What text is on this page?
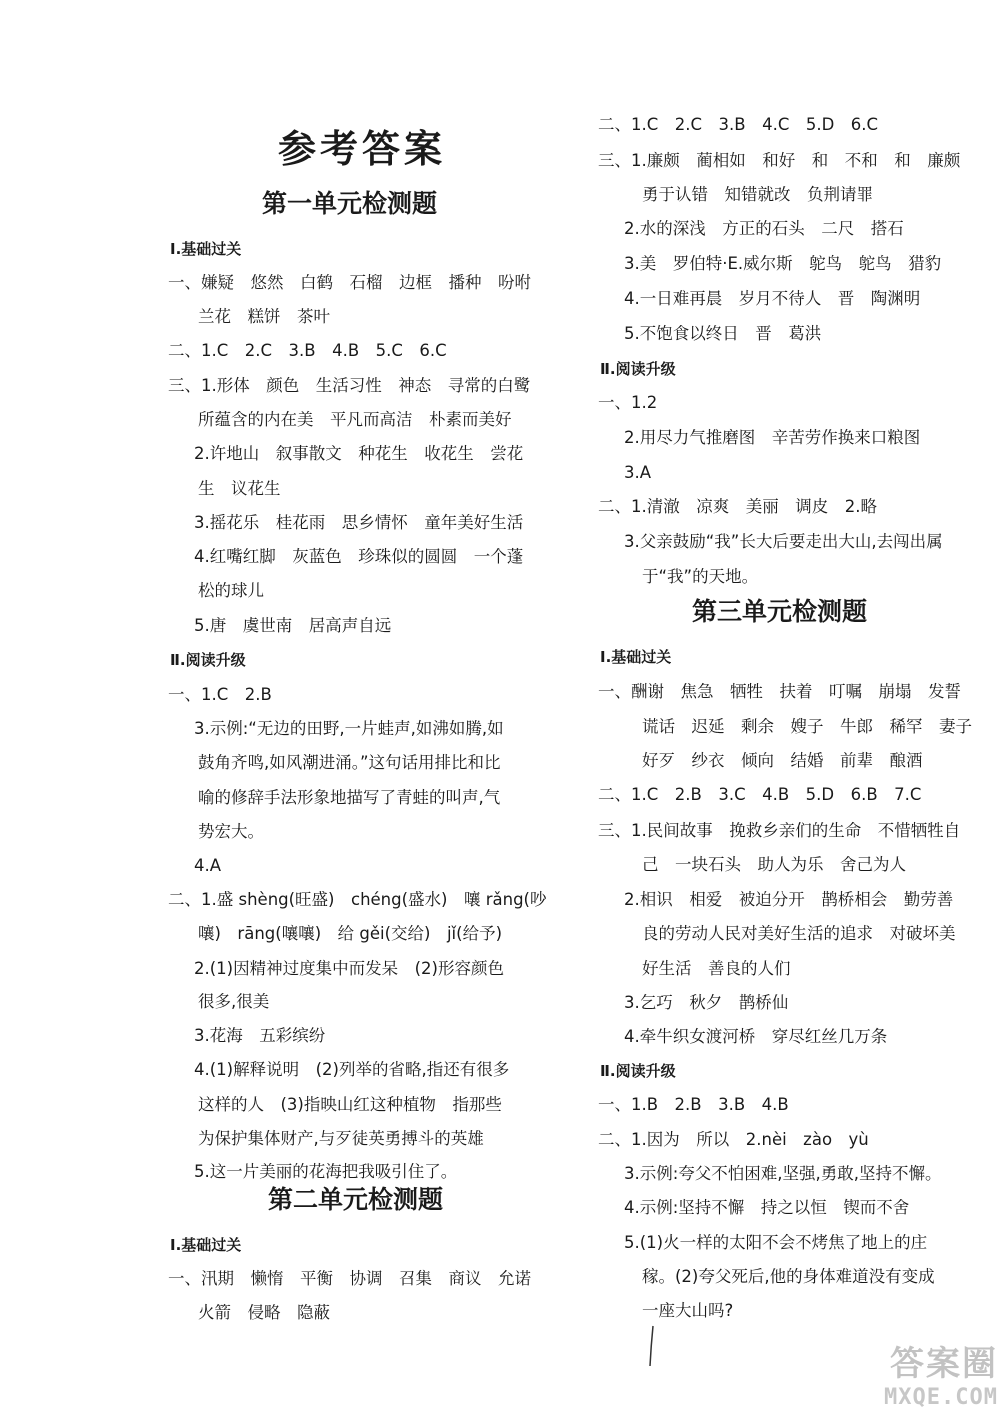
参考答案
第一单元检测题
第二单元检测题
第三单元检测题
Ⅰ.基础过关
一、嫌疑　悠然　白鹤　石榴　边框　播种　吩咐
兰花　糕饼　茶叶
二、1.C　2.C　3.B　4.B　5.C　6.C
三、1.形体　颜色　生活习性　神态　寻常的白鹭
所蕴含的内在美　平凡而高洁　朴素而美好
2.许地山　叙事散文　种花生　收花生　尝花
生　议花生
3.摇花乐　桂花雨　思乡情怀　童年美好生活
4.红嘴红脚　灰蓝色　珍珠似的圆圆　一个蓬
松的球儿
5.唐　虞世南　居高声自远
Ⅱ.阅读升级
一、1.C　2.B
3.示例:“无边的田野,一片蛙声,如沸如腾,如
鼓角齐鸣,如风潮进涌。”这句话用排比和比
喻的修辞手法形象地描写了青蛙的叫声,气
势宏大。
4.A
二、1.盛 shèng(旺盛)　chéng(盛水)　嚷 rǎng(吵
嚷)　rāng(嚷嚷)　给 gěi(交给)　jǐ(给予)
2.(1)因精神过度集中而发呆　(2)形容颜色
很多,很美
3.花海　五彩缤纷
4.(1)解释说明　(2)列举的省略,指还有很多
这样的人　(3)指映山红这种植物　指那些
为保护集体财产,与歹徒英勇搏斗的英雄
5.这一片美丽的花海把我吸引住了。
Ⅰ.基础过关
一、汛期　懒惰　平衡　协调　召集　商议　允诺
火箭　侵略　隐蔽
二、1.C　2.C　3.B　4.C　5.D　6.C
三、1.廉颇　蔺相如　和好　和　不和　和　廉颇
勇于认错　知错就改　负荆请罪
2.水的深浅　方正的石头　二尺　搭石
3.美　罗伯特·E.威尔斯　鸵鸟　鸵鸟　猎豹
4.一日难再晨　岁月不待人　晋　陶渊明
5.不饱食以终日　晋　葛洪
Ⅱ.阅读升级
一、1.2
2.用尽力气推磨图　辛苦劳作换来口粮图
3.A
二、1.清澈　凉爽　美丽　调皮　2.略
3.父亲鼓励“我”长大后要走出大山,去闯出属
于“我”的天地。
Ⅰ.基础过关
一、酬谢　焦急　牺牲　扶着　叮嘱　崩塌　发誓
谎话　迟延　剩余　嫂子　牛郎　稀罕　妻子
好歹　纱衣　倾向　结婚　前辈　酿酒
二、1.C　2.B　3.C　4.B　5.D　6.B　7.C
三、1.民间故事　挽救乡亲们的生命　不惜牺牲自
己　一块石头　助人为乐　舍己为人
2.相识　相爱　被迫分开　鹊桥相会　勤劳善
良的劳动人民对美好生活的追求　对破坏美
好生活　善良的人们
3.乞巧　秋夕　鹊桥仙
4.牵牛织女渡河桥　穿尽红丝几万条
Ⅱ.阅读升级
一、1.B　2.B　3.B　4.B
二、1.因为　所以　2.nèi　zào　yù
3.示例:夸父不怕困难,坚强,勇敢,坚持不懈。
4.示例:坚持不懈　持之以恒　锲而不舍
5.(1)火一样的太阳不会不烤焦了地上的庄
稼。(2)夸父死后,他的身体难道没有变成
一座大山吗?
答案圈
MXQE.COM
